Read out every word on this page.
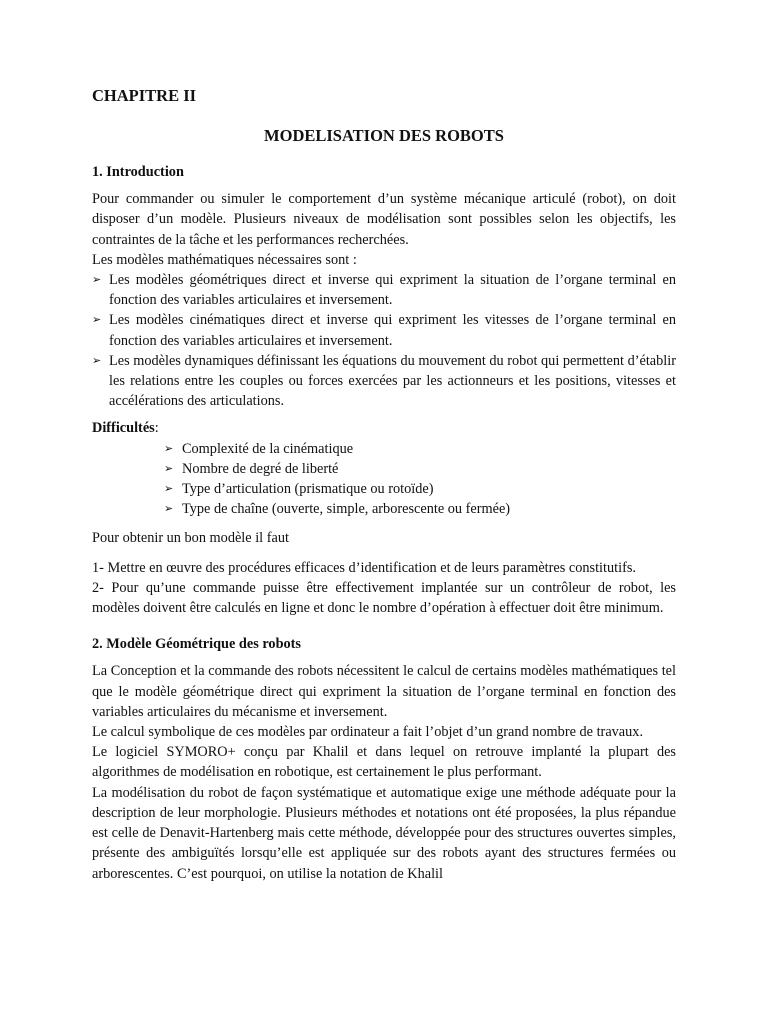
CHAPITRE II
MODELISATION DES ROBOTS
1. Introduction

Pour commander ou simuler le comportement d’un système mécanique articulé (robot), on doit disposer d’un modèle. Plusieurs niveaux de modélisation sont possibles selon les objectifs, les contraintes de la tâche et les performances recherchées.

Les modèles mathématiques nécessaires sont :

➢ Les modèles géométriques direct et inverse qui expriment la situation de l’organe terminal en fonction des variables articulaires et inversement.
➢ Les modèles cinématiques direct et inverse qui expriment les vitesses de l’organe terminal en fonction des variables articulaires et inversement.
➢ Les modèles dynamiques définissant les équations du mouvement du robot qui permettent d’établir les relations entre les couples ou forces exercées par les actionneurs et les positions, vitesses et accélérations des articulations.

Difficultés:

➢ Complexité de la cinématique
➢ Nombre de degré de liberté
➢ Type d’articulation (prismatique ou rotoïde)
➢ Type de chaîne (ouverte, simple, arborescente ou fermée)

Pour obtenir un bon modèle il faut

1- Mettre en œuvre des procédures efficaces d’identification et de leurs paramètres constitutifs.

2- Pour qu’une commande puisse être effectivement implantée sur un contrôleur de robot, les modèles doivent être calculés en ligne et donc le nombre d’opération à effectuer doit être minimum.

2. Modèle Géométrique des robots

La Conception et la commande des robots nécessitent le calcul de certains modèles mathématiques tel que le modèle géométrique direct qui expriment la situation de l’organe terminal en fonction des variables articulaires du mécanisme et inversement.

Le calcul symbolique de ces modèles par ordinateur a fait l’objet d’un grand nombre de travaux.

Le logiciel SYMORO+ conçu par Khalil et dans lequel on retrouve implanté la plupart des algorithmes de modélisation en robotique, est certainement le plus performant.

La modélisation du robot de façon systématique et automatique exige une méthode adéquate pour la description de leur morphologie. Plusieurs méthodes et notations ont été proposées, la plus répandue est celle de Denavit-Hartenberg mais cette méthode, développée pour des structures ouvertes simples, présente des ambiguïtés lorsqu’elle est appliquée sur des robots ayant des structures fermées ou arborescentes. C’est pourquoi, on utilise la notation de Khalil
